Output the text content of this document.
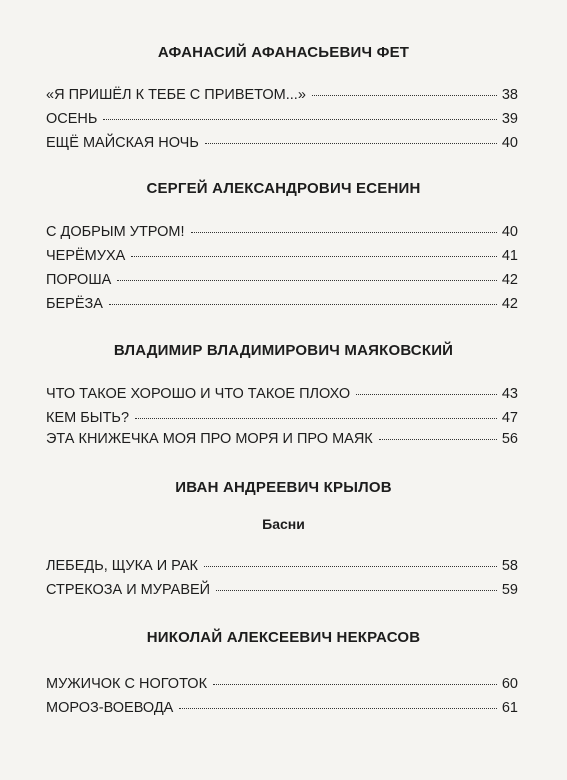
АФАНАСИЙ АФАНАСЬЕВИЧ ФЕТ
«Я ПРИШЁЛ К ТЕБЕ С ПРИВЕТОМ...»	38
ОСЕНЬ	39
ЕЩЁ МАЙСКАЯ НОЧЬ	40
СЕРГЕЙ АЛЕКСАНДРОВИЧ ЕСЕНИН
С ДОБРЫМ УТРОМ!	40
ЧЕРЁМУХА	41
ПОРОША	42
БЕРЁЗА	42
ВЛАДИМИР ВЛАДИМИРОВИЧ МАЯКОВСКИЙ
ЧТО ТАКОЕ ХОРОШО И ЧТО ТАКОЕ ПЛОХО	43
КЕМ БЫТЬ?	47
ЭТА КНИЖЕЧКА МОЯ ПРО МОРЯ И ПРО МАЯК	56
ИВАН АНДРЕЕВИЧ КРЫЛОВ
Басни
ЛЕБЕДЬ, ЩУКА И РАК	58
СТРЕКОЗА И МУРАВЕЙ	59
НИКОЛАЙ АЛЕКСЕЕВИЧ НЕКРАСОВ
МУЖИЧОК С НОГОТОК	60
МОРОЗ-ВОЕВОДА	61
